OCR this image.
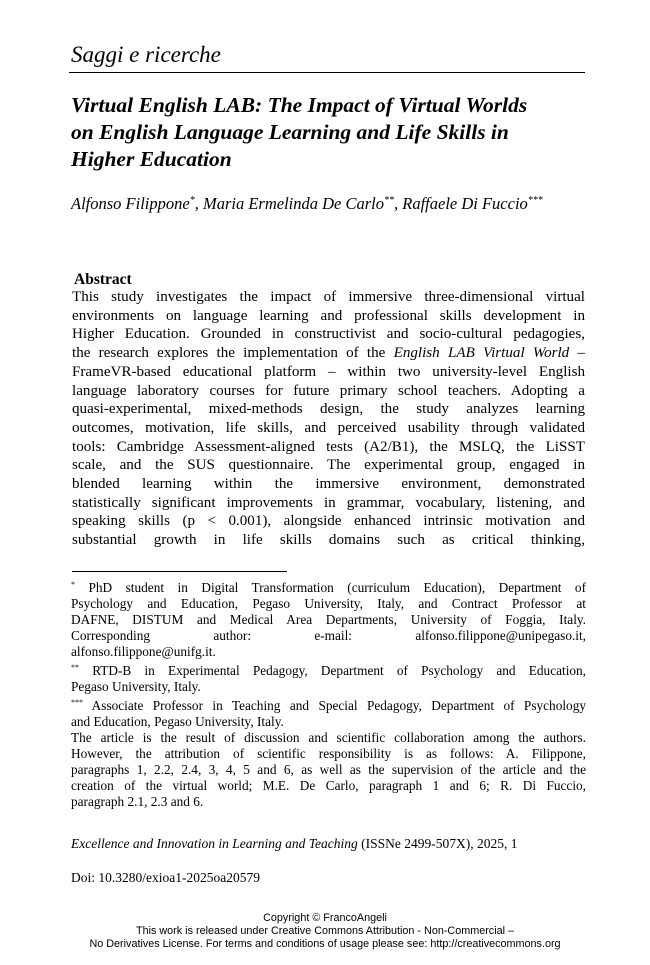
Saggi e ricerche
Virtual English LAB: The Impact of Virtual Worlds
on English Language Learning and Life Skills in
Higher Education
Alfonso Filippone*, Maria Ermelinda De Carlo**, Raffaele Di Fuccio***
Abstract
This study investigates the impact of immersive three-dimensional virtual
environments on language learning and professional skills development in
Higher Education. Grounded in constructivist and socio-cultural pedagogies,
the research explores the implementation of the English LAB Virtual World –
FrameVR-based educational platform – within two university-level English
language laboratory courses for future primary school teachers. Adopting a
quasi-experimental, mixed-methods design, the study analyzes learning
outcomes, motivation, life skills, and perceived usability through validated
tools: Cambridge Assessment-aligned tests (A2/B1), the MSLQ, the LiSST
scale, and the SUS questionnaire. The experimental group, engaged in
blended learning within the immersive environment, demonstrated
statistically significant improvements in grammar, vocabulary, listening, and
speaking skills (p < 0.001), alongside enhanced intrinsic motivation and
substantial growth in life skills domains such as critical thinking,
* PhD student in Digital Transformation (curriculum Education), Department of
Psychology and Education, Pegaso University, Italy, and Contract Professor at
DAFNE, DISTUM and Medical Area Departments, University of Foggia, Italy.
Corresponding author: e-mail: alfonso.filippone@unipegaso.it,
alfonso.filippone@unifg.it.
** RTD-B in Experimental Pedagogy, Department of Psychology and Education,
Pegaso University, Italy.
*** Associate Professor in Teaching and Special Pedagogy, Department of Psychology
and Education, Pegaso University, Italy.
The article is the result of discussion and scientific collaboration among the authors.
However, the attribution of scientific responsibility is as follows: A. Filippone,
paragraphs 1, 2.2, 2.4, 3, 4, 5 and 6, as well as the supervision of the article and the
creation of the virtual world; M.E. De Carlo, paragraph 1 and 6; R. Di Fuccio,
paragraph 2.1, 2.3 and 6.
Excellence and Innovation in Learning and Teaching (ISSNe 2499-507X), 2025, 1
Doi: 10.3280/exioa1-2025oa20579
Copyright © FrancoAngeli
This work is released under Creative Commons Attribution - Non-Commercial –
No Derivatives License. For terms and conditions of usage please see: http://creativecommons.org
